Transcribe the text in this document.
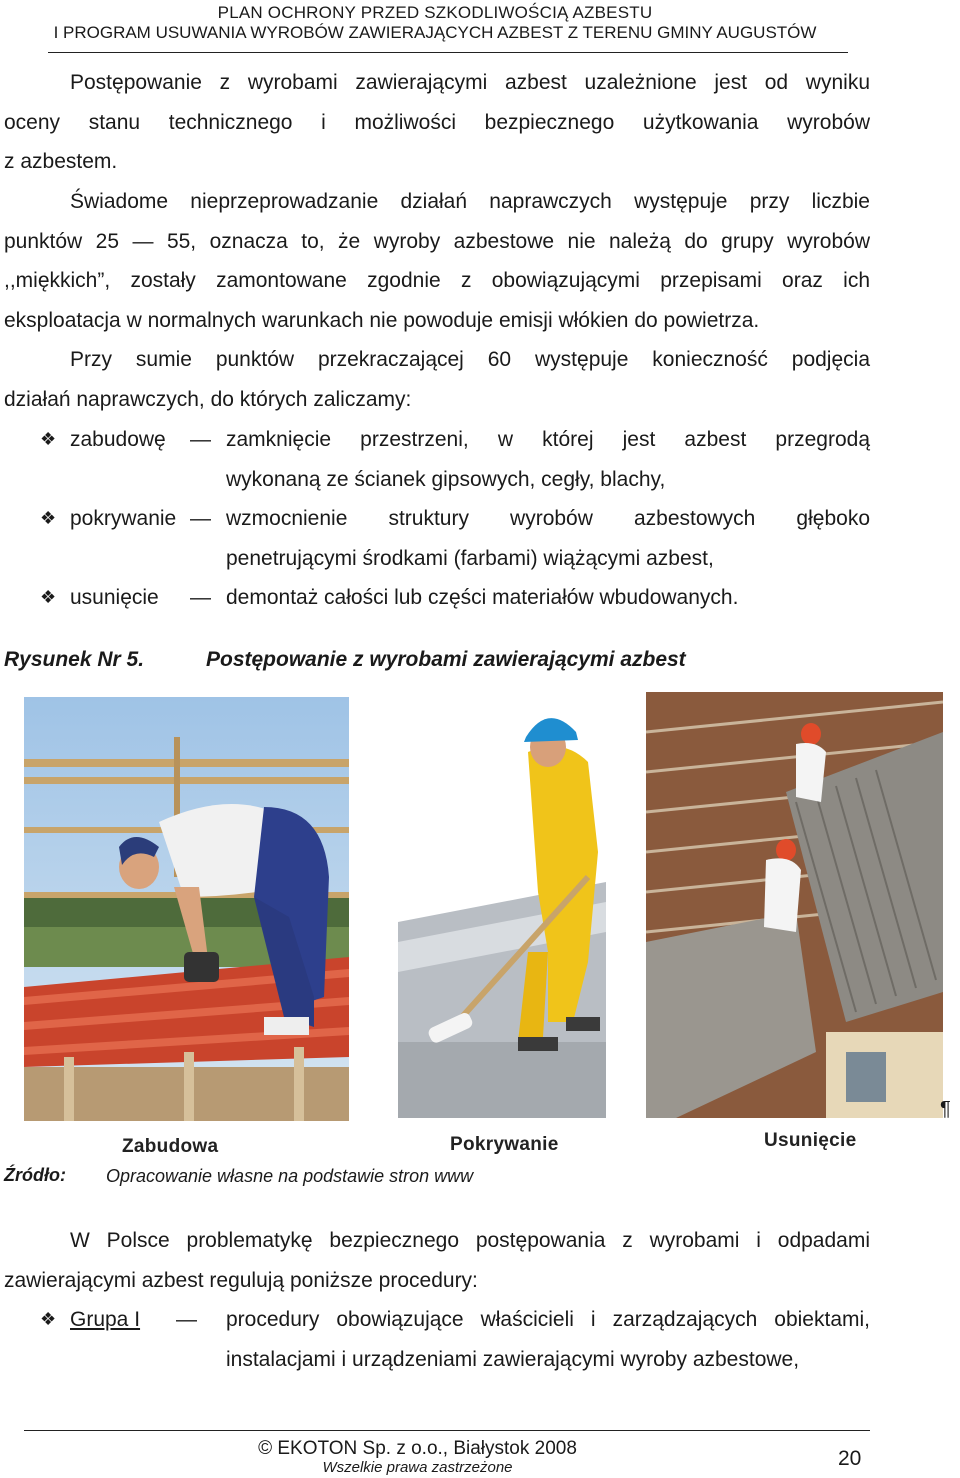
PLAN OCHRONY PRZED SZKODLIWOŚCIĄ AZBESTU
I PROGRAM USUWANIA WYROBÓW ZAWIERAJĄCYCH AZBEST Z TERENU GMINY AUGUSTÓW
Postępowanie z wyrobami zawierającymi azbest uzależnione jest od wyniku
oceny stanu technicznego i możliwości bezpiecznego użytkowania wyrobów
z azbestem.
Świadome nieprzeprowadzanie działań naprawczych występuje przy liczbie
punktów 25 — 55, oznacza to, że wyroby azbestowe nie należą do grupy wyrobów
,,miękkich”, zostały zamontowane zgodnie z obowiązującymi przepisami oraz ich
eksploatacja w normalnych warunkach nie powoduje emisji włókien do powietrza.
Przy sumie punktów przekraczającej 60 występuje konieczność podjęcia
działań naprawczych, do których zaliczamy:
❖ zabudowę — zamknięcie przestrzeni, w której jest azbest przegrodą
wykonaną ze ścianek gipsowych, cegły, blachy,
❖ pokrywanie — wzmocnienie struktury wyrobów azbestowych głęboko
penetrującymi środkami (farbami) wiążącymi azbest,
❖ usunięcie — demontaż całości lub części materiałów wbudowanych.
Rysunek Nr 5.	Postępowanie z wyrobami zawierającymi azbest
Zabudowa	Pokrywanie	Usunięcie
¶
Źródło: Opracowanie własne na podstawie stron www
W Polsce problematykę bezpiecznego postępowania z wyrobami i odpadami
zawierającymi azbest regulują poniższe procedury:
❖ Grupa I — procedury obowiązujące właścicieli i zarządzających obiektami,
instalacjami i urządzeniami zawierającymi wyroby azbestowe,
© EKOTON Sp. z o.o., Białystok 2008
Wszelkie prawa zastrzeżone	20
